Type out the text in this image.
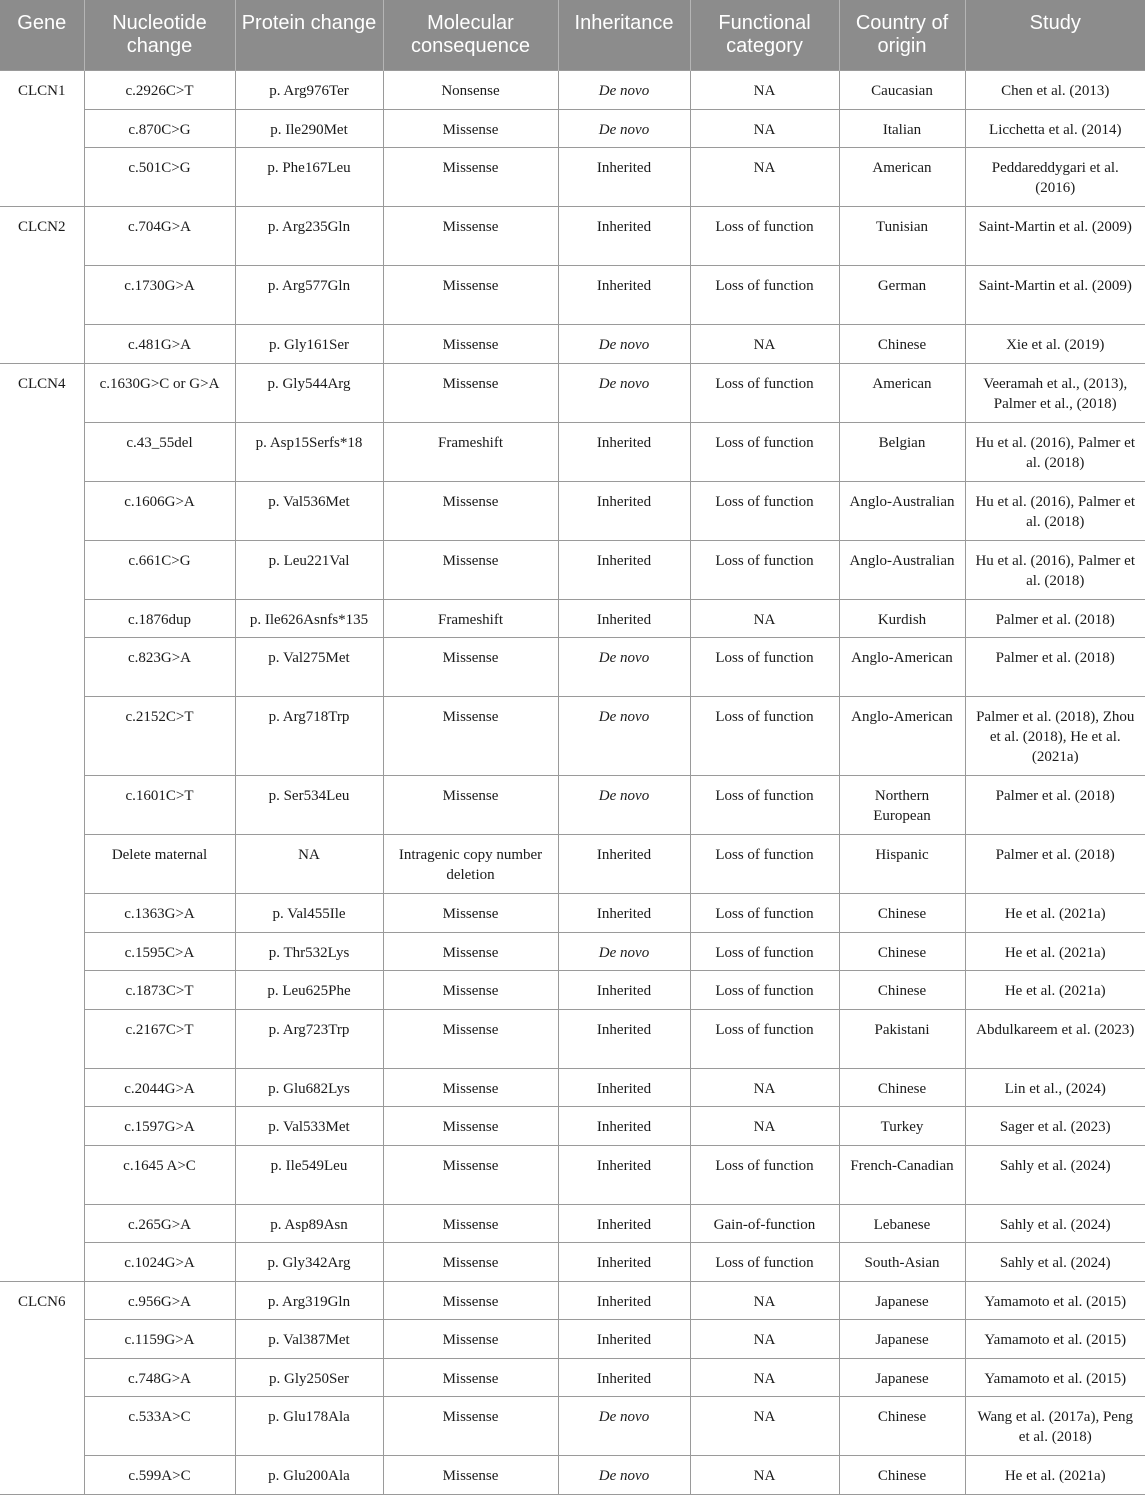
Gene	Nucleotide change	Protein change	Molecular consequence	Inheritance	Functional category	Country of origin	Study
CLCN1	c.2926C>T	p. Arg976Ter	Nonsense	De novo	NA	Caucasian	Chen et al. (2013)
	c.870C>G	p. Ile290Met	Missense	De novo	NA	Italian	Licchetta et al. (2014)
	c.501C>G	p. Phe167Leu	Missense	Inherited	NA	American	Peddareddygari et al. (2016)
CLCN2	c.704G>A	p. Arg235Gln	Missense	Inherited	Loss of function	Tunisian	Saint-Martin et al. (2009)
	c.1730G>A	p. Arg577Gln	Missense	Inherited	Loss of function	German	Saint-Martin et al. (2009)
	c.481G>A	p. Gly161Ser	Missense	De novo	NA	Chinese	Xie et al. (2019)
CLCN4	c.1630G>C or G>A	p. Gly544Arg	Missense	De novo	Loss of function	American	Veeramah et al., (2013), Palmer et al., (2018)
	c.43_55del	p. Asp15Serfs*18	Frameshift	Inherited	Loss of function	Belgian	Hu et al. (2016), Palmer et al. (2018)
	c.1606G>A	p. Val536Met	Missense	Inherited	Loss of function	Anglo-Australian	Hu et al. (2016), Palmer et al. (2018)
	c.661C>G	p. Leu221Val	Missense	Inherited	Loss of function	Anglo-Australian	Hu et al. (2016), Palmer et al. (2018)
	c.1876dup	p. Ile626Asnfs*135	Frameshift	Inherited	NA	Kurdish	Palmer et al. (2018)
	c.823G>A	p. Val275Met	Missense	De novo	Loss of function	Anglo-American	Palmer et al. (2018)
	c.2152C>T	p. Arg718Trp	Missense	De novo	Loss of function	Anglo-American	Palmer et al. (2018), Zhou et al. (2018), He et al. (2021a)
	c.1601C>T	p. Ser534Leu	Missense	De novo	Loss of function	Northern European	Palmer et al. (2018)
	Delete maternal	NA	Intragenic copy number deletion	Inherited	Loss of function	Hispanic	Palmer et al. (2018)
	c.1363G>A	p. Val455Ile	Missense	Inherited	Loss of function	Chinese	He et al. (2021a)
	c.1595C>A	p. Thr532Lys	Missense	De novo	Loss of function	Chinese	He et al. (2021a)
	c.1873C>T	p. Leu625Phe	Missense	Inherited	Loss of function	Chinese	He et al. (2021a)
	c.2167C>T	p. Arg723Trp	Missense	Inherited	Loss of function	Pakistani	Abdulkareem et al. (2023)
	c.2044G>A	p. Glu682Lys	Missense	Inherited	NA	Chinese	Lin et al., (2024)
	c.1597G>A	p. Val533Met	Missense	Inherited	NA	Turkey	Sager et al. (2023)
	c.1645 A>C	p. Ile549Leu	Missense	Inherited	Loss of function	French-Canadian	Sahly et al. (2024)
	c.265G>A	p. Asp89Asn	Missense	Inherited	Gain-of-function	Lebanese	Sahly et al. (2024)
	c.1024G>A	p. Gly342Arg	Missense	Inherited	Loss of function	South-Asian	Sahly et al. (2024)
CLCN6	c.956G>A	p. Arg319Gln	Missense	Inherited	NA	Japanese	Yamamoto et al. (2015)
	c.1159G>A	p. Val387Met	Missense	Inherited	NA	Japanese	Yamamoto et al. (2015)
	c.748G>A	p. Gly250Ser	Missense	Inherited	NA	Japanese	Yamamoto et al. (2015)
	c.533A>C	p. Glu178Ala	Missense	De novo	NA	Chinese	Wang et al. (2017a), Peng et al. (2018)
	c.599A>C	p. Glu200Ala	Missense	De novo	NA	Chinese	He et al. (2021a)
